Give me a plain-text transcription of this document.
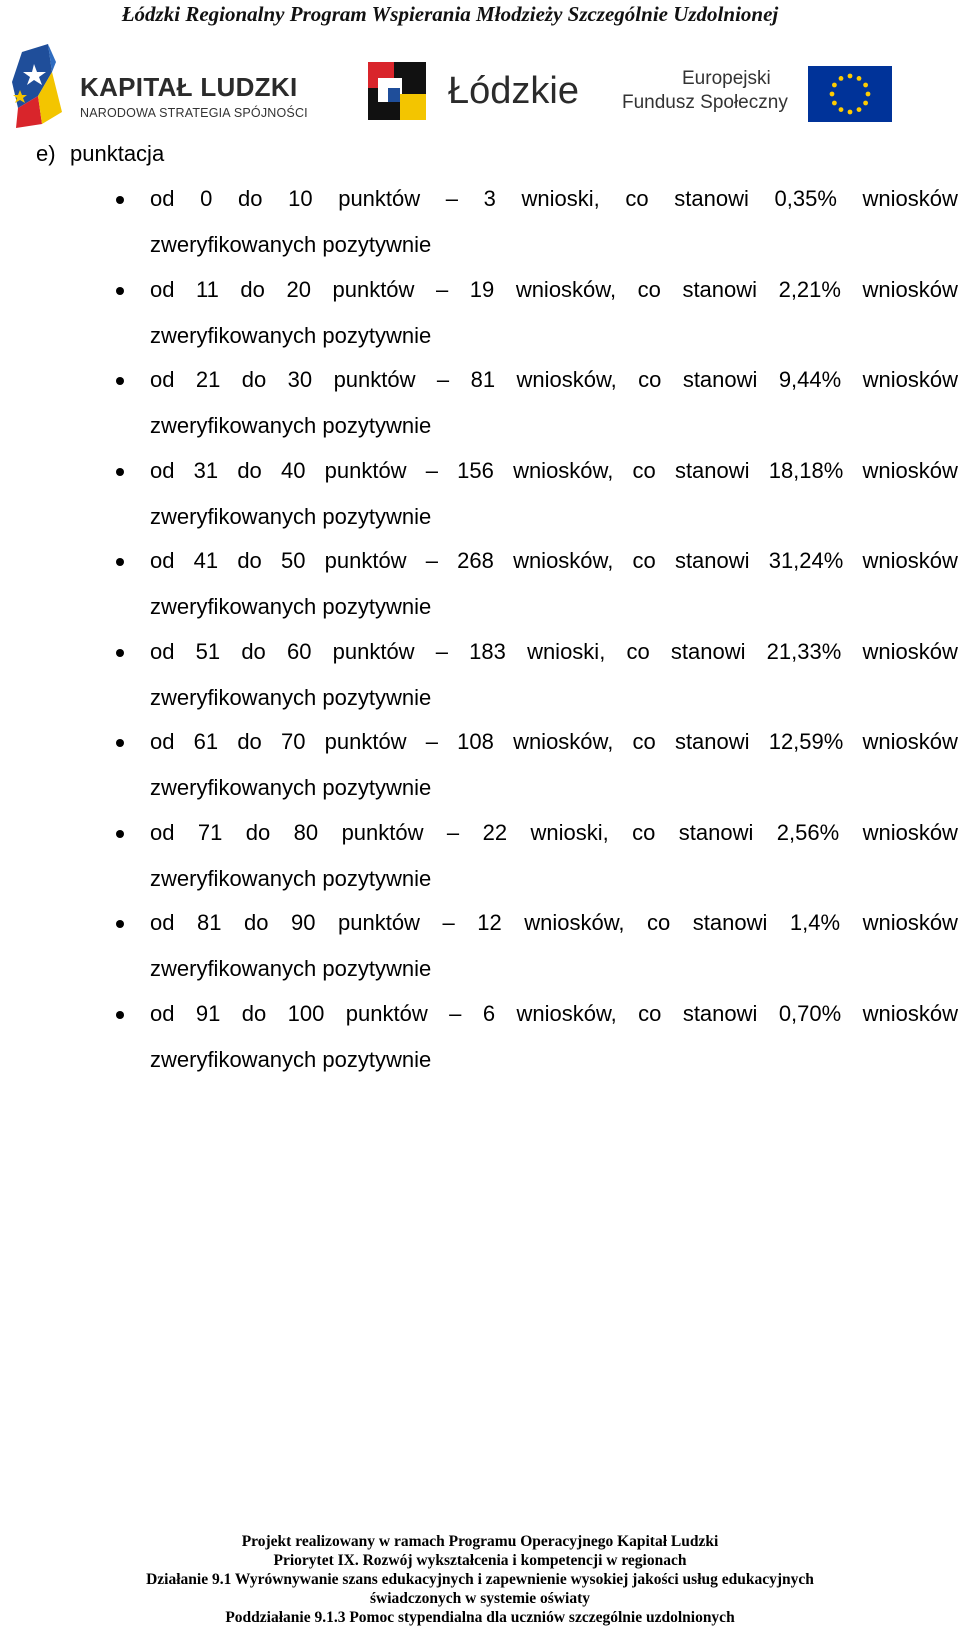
Łódzki Regionalny Program Wspierania Młodzieży Szczególnie Uzdolnionej
KAPITAŁ LUDZKI
NARODOWA STRATEGIA SPÓJNOŚCI
Łódzkie	Europejski
Fundusz Społeczny
e) punktacja
od 0 do 10 punktów – 3 wnioski, co stanowi 0,35% wniosków
zweryfikowanych pozytywnie
od 11 do 20 punktów – 19 wniosków, co stanowi 2,21% wniosków
zweryfikowanych pozytywnie
od 21 do 30 punktów – 81 wniosków, co stanowi 9,44% wniosków
zweryfikowanych pozytywnie
od 31 do 40 punktów – 156 wniosków, co stanowi 18,18% wniosków
zweryfikowanych pozytywnie
od 41 do 50 punktów – 268 wniosków, co stanowi 31,24% wniosków
zweryfikowanych pozytywnie
od 51 do 60 punktów – 183 wnioski, co stanowi 21,33% wniosków
zweryfikowanych pozytywnie
od 61 do 70 punktów – 108 wniosków, co stanowi 12,59% wniosków
zweryfikowanych pozytywnie
od 71 do 80 punktów – 22 wnioski, co stanowi 2,56% wniosków
zweryfikowanych pozytywnie
od 81 do 90 punktów – 12 wniosków, co stanowi 1,4% wniosków
zweryfikowanych pozytywnie
od 91 do 100 punktów – 6 wniosków, co stanowi 0,70% wniosków
zweryfikowanych pozytywnie
Projekt realizowany w ramach Programu Operacyjnego Kapitał Ludzki
Priorytet IX. Rozwój wykształcenia i kompetencji w regionach
Działanie 9.1 Wyrównywanie szans edukacyjnych i zapewnienie wysokiej jakości usług edukacyjnych
świadczonych w systemie oświaty
Poddziałanie 9.1.3 Pomoc stypendialna dla uczniów szczególnie uzdolnionych
